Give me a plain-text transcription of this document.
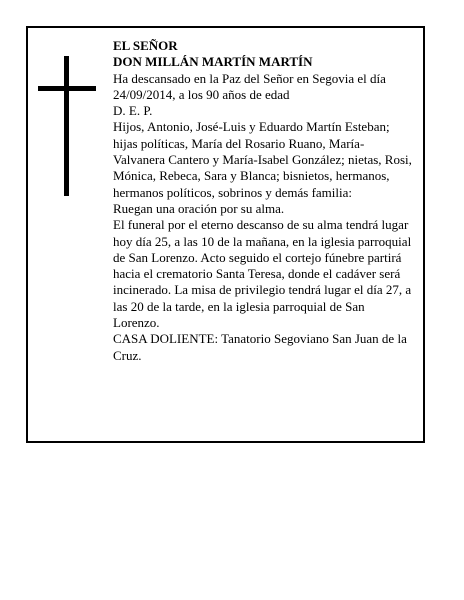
EL SEÑOR

DON MILLÁN MARTÍN MARTÍN

Ha descansado en la Paz del Señor en Segovia el día 24/09/2014, a los 90 años de edad

D. E. P.

Hijos, Antonio, José-Luis y Eduardo Martín Esteban; hijas políticas, María del Rosario Ruano, María-Valvanera Cantero y María-Isabel González; nietas, Rosi, Mónica, Rebeca, Sara y Blanca; bisnietos, hermanos, hermanos políticos, sobrinos y demás familia:

Ruegan una oración por su alma.

El funeral por el eterno descanso de su alma tendrá lugar hoy día 25, a las 10 de la mañana, en la iglesia parroquial de San Lorenzo. Acto seguido el cortejo fúnebre partirá hacia el crematorio Santa Teresa, donde el cadáver será incinerado. La misa de privilegio tendrá lugar el día 27, a las 20 de la tarde, en la iglesia parroquial de San Lorenzo.

CASA DOLIENTE: Tanatorio Segoviano San Juan de la Cruz.
